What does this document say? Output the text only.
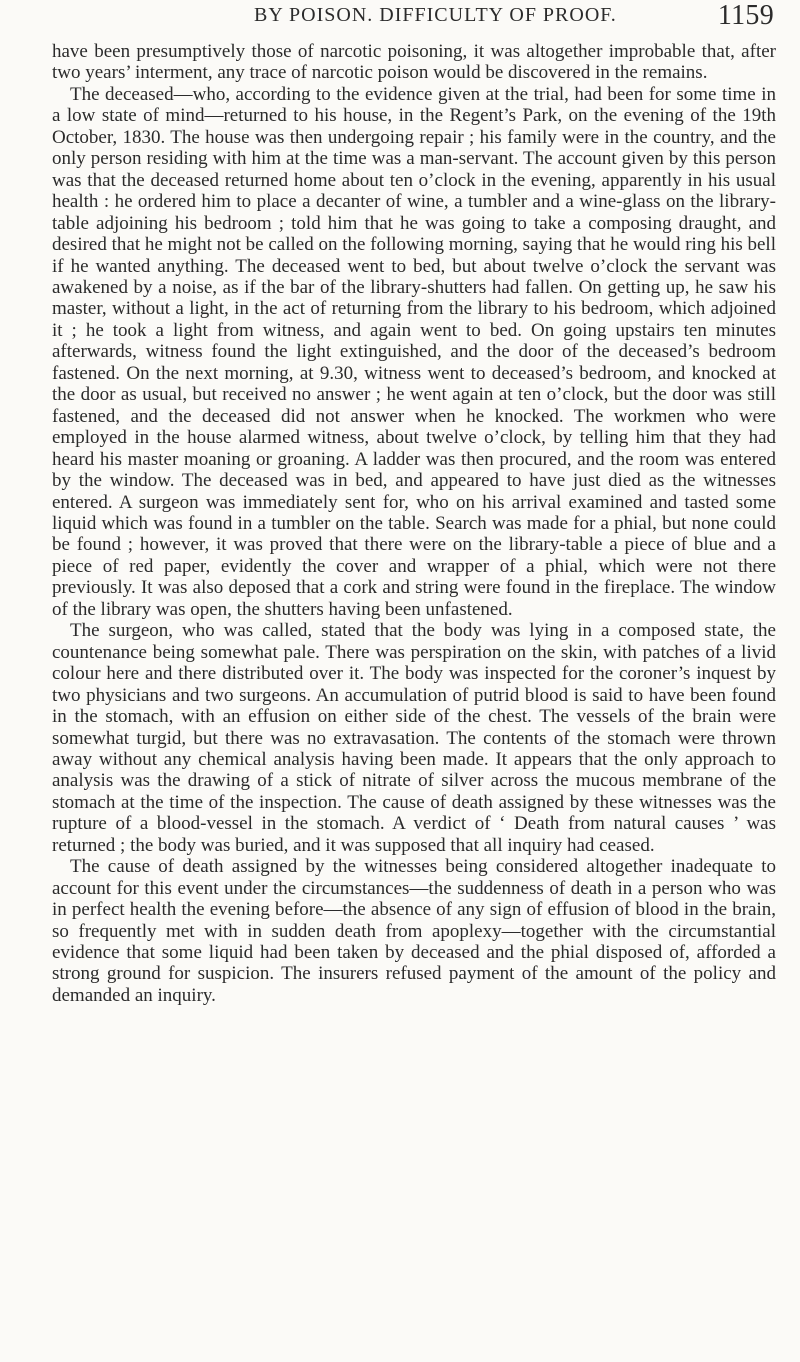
BY POISON. DIFFICULTY OF PROOF.	1159

have been presumptively those of narcotic poisoning, it was altogether improbable that, after two years’ interment, any trace of narcotic poison would be discovered in the remains.

The deceased—who, according to the evidence given at the trial, had been for some time in a low state of mind—returned to his house, in the Regent’s Park, on the evening of the 19th October, 1830. The house was then undergoing repair ; his family were in the country, and the only person residing with him at the time was a man-servant. The account given by this person was that the deceased returned home about ten o’clock in the evening, apparently in his usual health : he ordered him to place a decanter of wine, a tumbler and a wine-glass on the library-table adjoining his bedroom ; told him that he was going to take a composing draught, and desired that he might not be called on the following morning, saying that he would ring his bell if he wanted anything. The deceased went to bed, but about twelve o’clock the servant was awakened by a noise, as if the bar of the library-shutters had fallen. On getting up, he saw his master, without a light, in the act of returning from the library to his bedroom, which adjoined it ; he took a light from witness, and again went to bed. On going upstairs ten minutes afterwards, witness found the light extinguished, and the door of the deceased’s bedroom fastened. On the next morning, at 9.30, witness went to deceased’s bedroom, and knocked at the door as usual, but received no answer ; he went again at ten o’clock, but the door was still fastened, and the deceased did not answer when he knocked. The workmen who were employed in the house alarmed witness, about twelve o’clock, by telling him that they had heard his master moaning or groaning. A ladder was then procured, and the room was entered by the window. The deceased was in bed, and appeared to have just died as the witnesses entered. A surgeon was immediately sent for, who on his arrival examined and tasted some liquid which was found in a tumbler on the table. Search was made for a phial, but none could be found ; however, it was proved that there were on the library-table a piece of blue and a piece of red paper, evidently the cover and wrapper of a phial, which were not there previously. It was also deposed that a cork and string were found in the fireplace. The window of the library was open, the shutters having been unfastened.

The surgeon, who was called, stated that the body was lying in a composed state, the countenance being somewhat pale. There was perspiration on the skin, with patches of a livid colour here and there distributed over it. The body was inspected for the coroner’s inquest by two physicians and two surgeons. An accumulation of putrid blood is said to have been found in the stomach, with an effusion on either side of the chest. The vessels of the brain were somewhat turgid, but there was no extravasation. The contents of the stomach were thrown away without any chemical analysis having been made. It appears that the only approach to analysis was the drawing of a stick of nitrate of silver across the mucous membrane of the stomach at the time of the inspection. The cause of death assigned by these witnesses was the rupture of a blood-vessel in the stomach. A verdict of ‘ Death from natural causes ’ was returned ; the body was buried, and it was supposed that all inquiry had ceased.

The cause of death assigned by the witnesses being considered altogether inadequate to account for this event under the circumstances—the suddenness of death in a person who was in perfect health the evening before—the absence of any sign of effusion of blood in the brain, so frequently met with in sudden death from apoplexy—together with the circumstantial evidence that some liquid had been taken by deceased and the phial disposed of, afforded a strong ground for suspicion. The insurers refused payment of the amount of the policy and demanded an inquiry.
